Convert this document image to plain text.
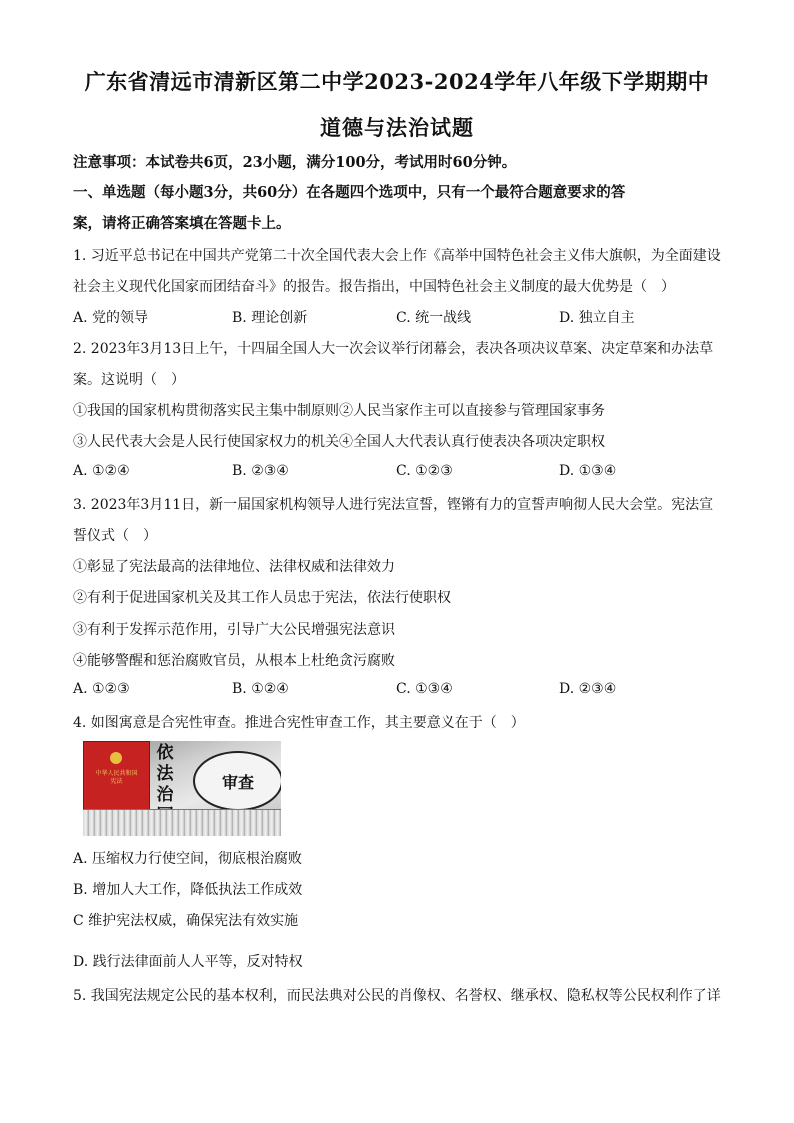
广东省清远市清新区第二中学2023-2024学年八年级下学期期中
道德与法治试题
注意事项：本试卷共6页，23小题，满分100分，考试用时60分钟。
一、单选题（每小题3分，共60分）在各题四个选项中，只有一个最符合题意要求的答
案，请将正确答案填在答题卡上。
1. 习近平总书记在中国共产党第二十次全国代表大会上作《高举中国特色社会主义伟大旗帜，为全面建设
社会主义现代化国家而团结奋斗》的报告。报告指出，中国特色社会主义制度的最大优势是（　）
A. 党的领导	B. 理论创新	C. 统一战线	D. 独立自主
2. 2023年3月13日上午，十四届全国人大一次会议举行闭幕会，表决各项决议草案、决定草案和办法草
案。这说明（　）
①我国的国家机构贯彻落实民主集中制原则②人民当家作主可以直接参与管理国家事务
③人民代表大会是人民行使国家权力的机关④全国人大代表认真行使表决各项决定职权
A. ①②④	B. ②③④	C. ①②③	D. ①③④
3. 2023年3月11日，新一届国家机构领导人进行宪法宣誓，铿锵有力的宣誓声响彻人民大会堂。宪法宣
誓仪式（　）
①彰显了宪法最高的法律地位、法律权威和法律效力
②有利于促进国家机关及其工作人员忠于宪法，依法行使职权
③有利于发挥示范作用，引导广大公民增强宪法意识
④能够警醒和惩治腐败官员，从根本上杜绝贪污腐败
A. ①②③	B. ①②④	C. ①③④	D. ②③④
4. 如图寓意是合宪性审查。推进合宪性审查工作，其主要意义在于（　）
中华人民共和国
宪法
依法治
审查
A. 压缩权力行使空间，彻底根治腐败
B. 增加人大工作，降低执法工作成效
C 维护宪法权威，确保宪法有效实施
D. 践行法律面前人人平等，反对特权
5. 我国宪法规定公民的基本权利，而民法典对公民的肖像权、名誉权、继承权、隐私权等公民权利作了详
